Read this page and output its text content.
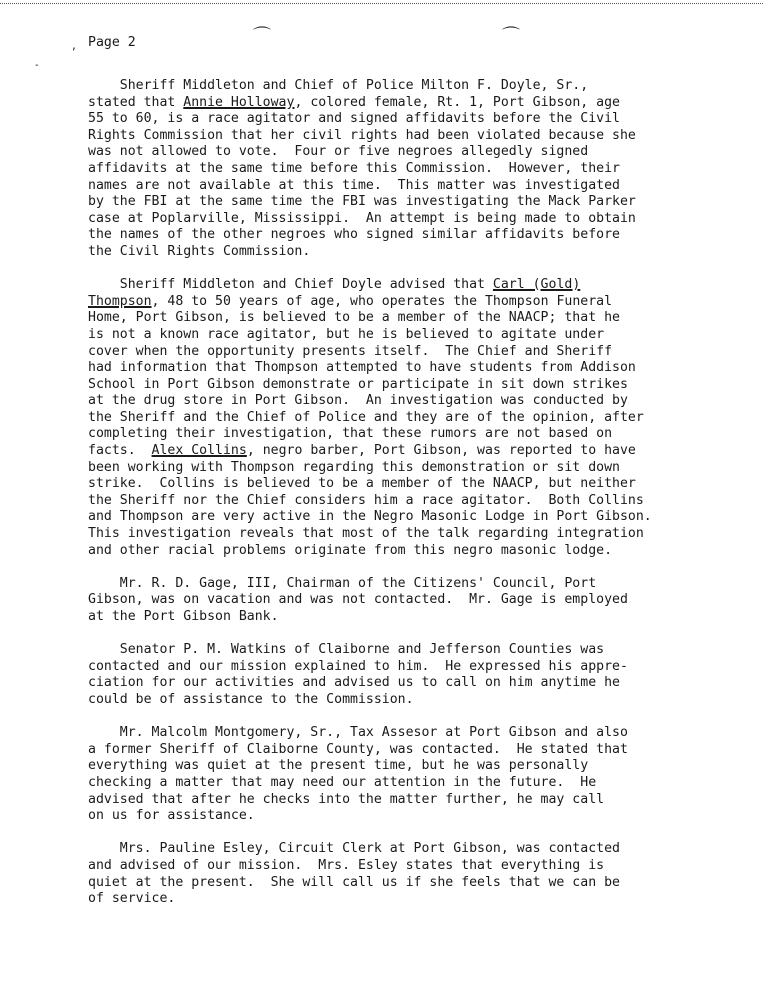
⌒	⌒
,
-
Page 2
Sheriff Middleton and Chief of Police Milton F. Doyle, Sr.,
stated that Annie Holloway, colored female, Rt. 1, Port Gibson, age
55 to 60, is a race agitator and signed affidavits before the Civil
Rights Commission that her civil rights had been violated because she
was not allowed to vote.  Four or five negroes allegedly signed
affidavits at the same time before this Commission.  However, their
names are not available at this time.  This matter was investigated
by the FBI at the same time the FBI was investigating the Mack Parker
case at Poplarville, Mississippi.  An attempt is being made to obtain
the names of the other negroes who signed similar affidavits before
the Civil Rights Commission.
Sheriff Middleton and Chief Doyle advised that Carl (Gold)
Thompson, 48 to 50 years of age, who operates the Thompson Funeral
Home, Port Gibson, is believed to be a member of the NAACP; that he
is not a known race agitator, but he is believed to agitate under
cover when the opportunity presents itself.  The Chief and Sheriff
had information that Thompson attempted to have students from Addison
School in Port Gibson demonstrate or participate in sit down strikes
at the drug store in Port Gibson.  An investigation was conducted by
the Sheriff and the Chief of Police and they are of the opinion, after
completing their investigation, that these rumors are not based on
facts.  Alex Collins, negro barber, Port Gibson, was reported to have
been working with Thompson regarding this demonstration or sit down
strike.  Collins is believed to be a member of the NAACP, but neither
the Sheriff nor the Chief considers him a race agitator.  Both Collins
and Thompson are very active in the Negro Masonic Lodge in Port Gibson.
This investigation reveals that most of the talk regarding integration
and other racial problems originate from this negro masonic lodge.
Mr. R. D. Gage, III, Chairman of the Citizens' Council, Port
Gibson, was on vacation and was not contacted.  Mr. Gage is employed
at the Port Gibson Bank.
Senator P. M. Watkins of Claiborne and Jefferson Counties was
contacted and our mission explained to him.  He expressed his appre-
ciation for our activities and advised us to call on him anytime he
could be of assistance to the Commission.
Mr. Malcolm Montgomery, Sr., Tax Assesor at Port Gibson and also
a former Sheriff of Claiborne County, was contacted.  He stated that
everything was quiet at the present time, but he was personally
checking a matter that may need our attention in the future.  He
advised that after he checks into the matter further, he may call
on us for assistance.
Mrs. Pauline Esley, Circuit Clerk at Port Gibson, was contacted
and advised of our mission.  Mrs. Esley states that everything is
quiet at the present.  She will call us if she feels that we can be
of service.
